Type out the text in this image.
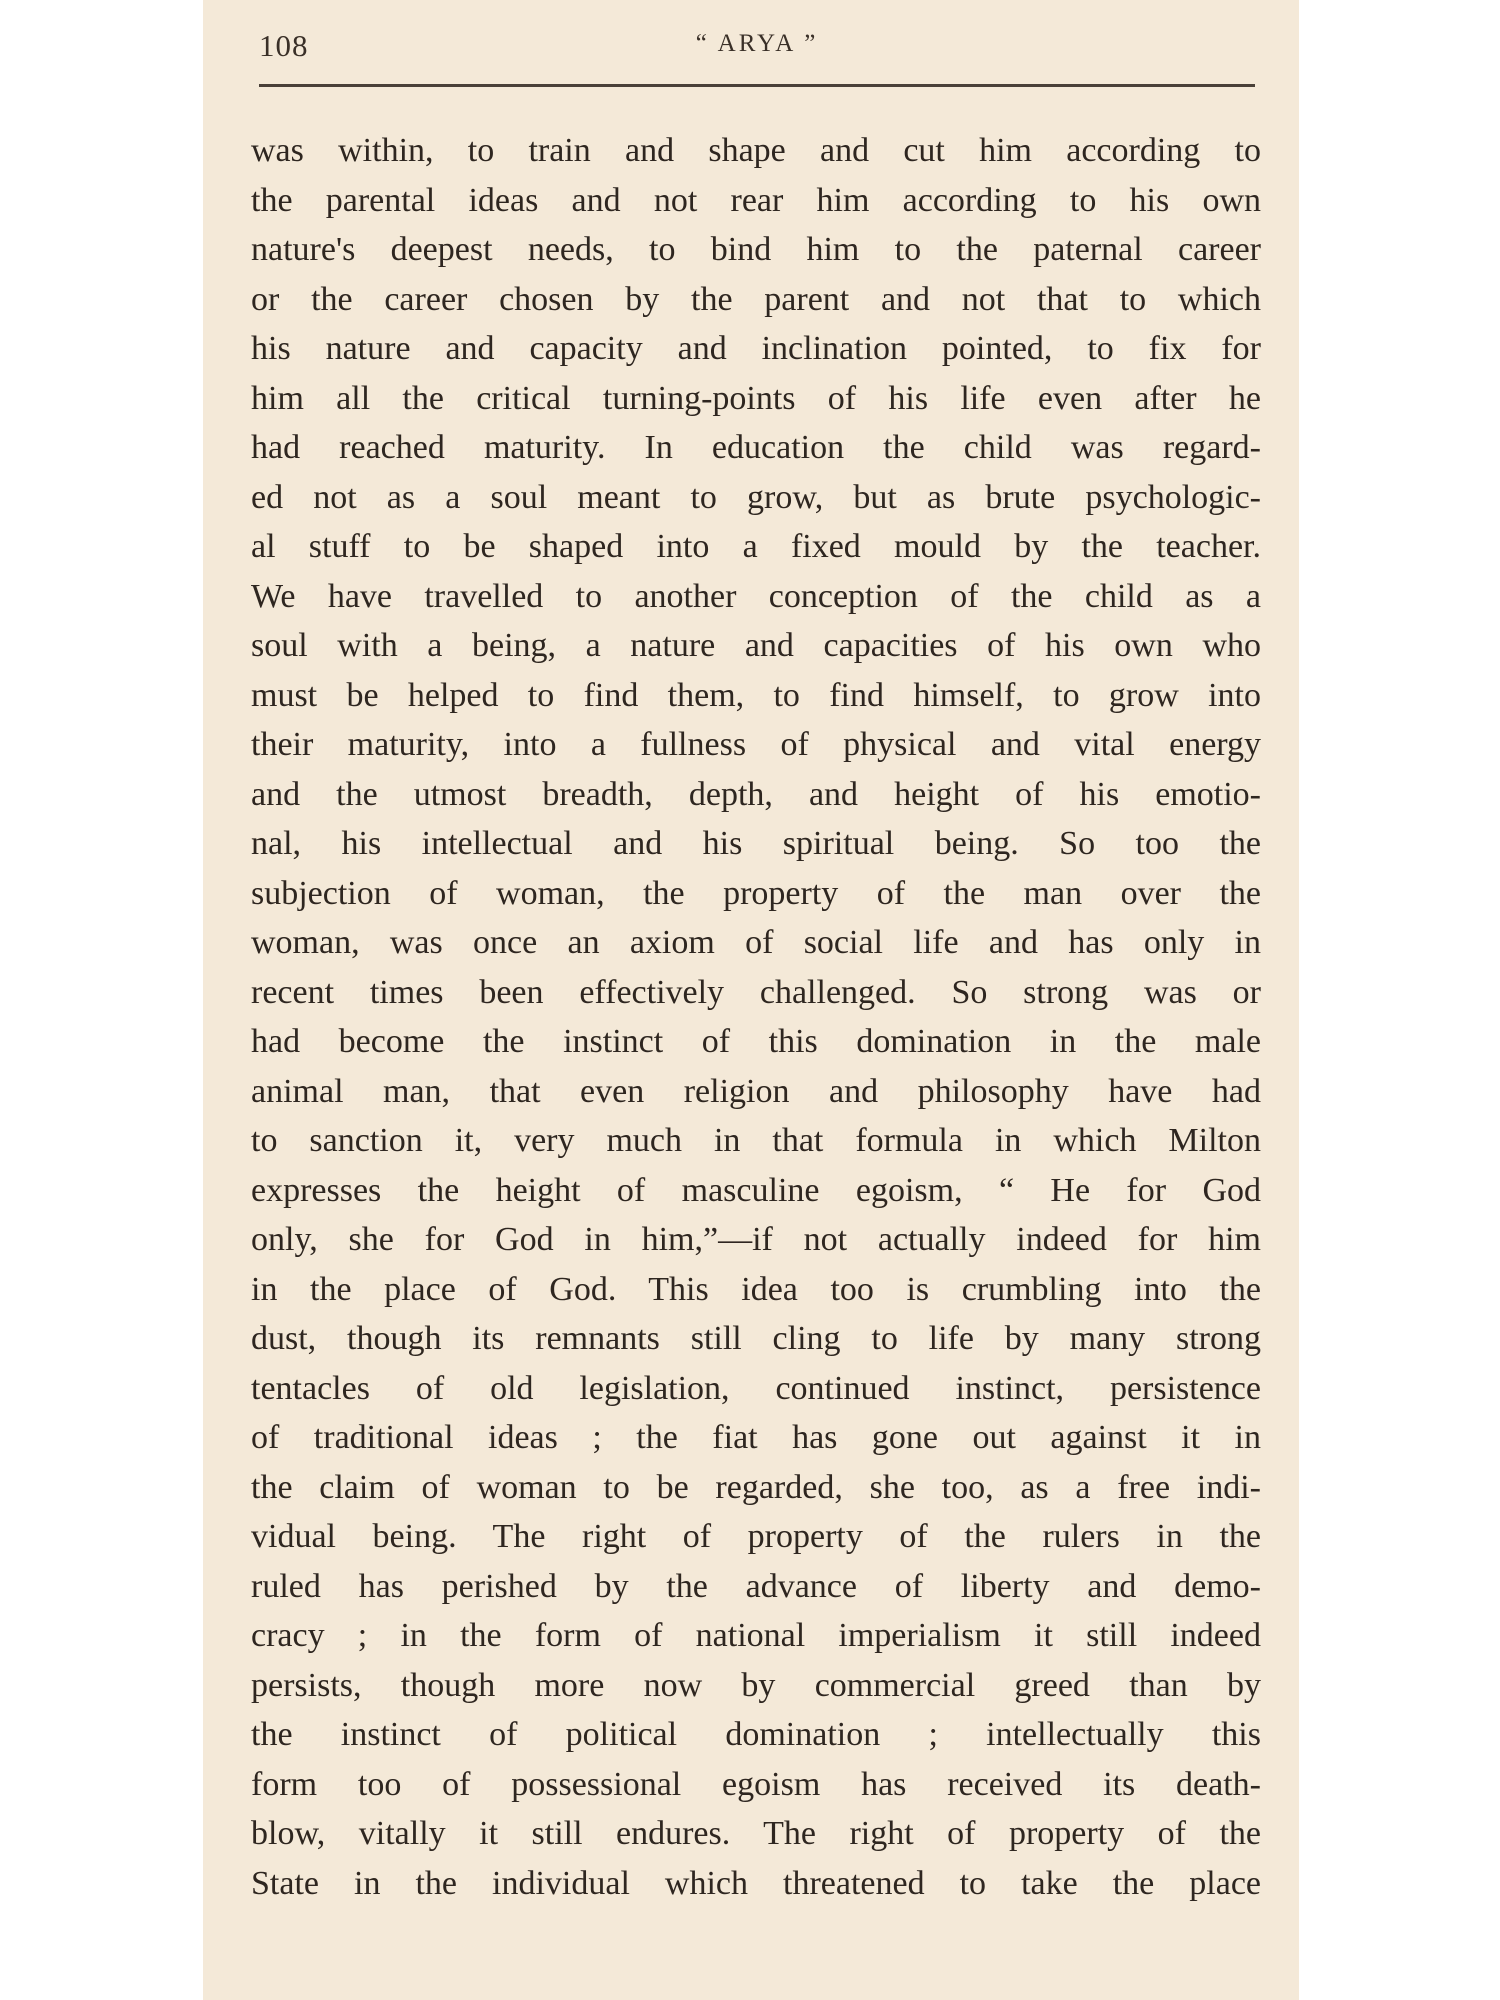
108	“ ARYA ”
was within, to train and shape and cut him according to
the parental ideas and not rear him according to his own
nature's deepest needs, to bind him to the paternal career
or the career chosen by the parent and not that to which
his nature and capacity and inclination pointed, to fix for
him all the critical turning-points of his life even after he
had reached maturity. In education the child was regard-
ed not as a soul meant to grow, but as brute psychologic-
al stuff to be shaped into a fixed mould by the teacher.
We have travelled to another conception of the child as a
soul with a being, a nature and capacities of his own who
must be helped to find them, to find himself, to grow into
their maturity, into a fullness of physical and vital energy
and the utmost breadth, depth, and height of his emotio-
nal, his intellectual and his spiritual being. So too the
subjection of woman, the property of the man over the
woman, was once an axiom of social life and has only in
recent times been effectively challenged. So strong was or
had become the instinct of this domination in the male
animal man, that even religion and philosophy have had
to sanction it, very much in that formula in which Milton
expresses the height of masculine egoism, “ He for God
only, she for God in him,”—if not actually indeed for him
in the place of God. This idea too is crumbling into the
dust, though its remnants still cling to life by many strong
tentacles of old legislation, continued instinct, persistence
of traditional ideas ; the fiat has gone out against it in
the claim of woman to be regarded, she too, as a free indi-
vidual being. The right of property of the rulers in the
ruled has perished by the advance of liberty and demo-
cracy ; in the form of national imperialism it still indeed
persists, though more now by commercial greed than by
the instinct of political domination ; intellectually this
form too of possessional egoism has received its death-
blow, vitally it still endures. The right of property of the
State in the individual which threatened to take the place
